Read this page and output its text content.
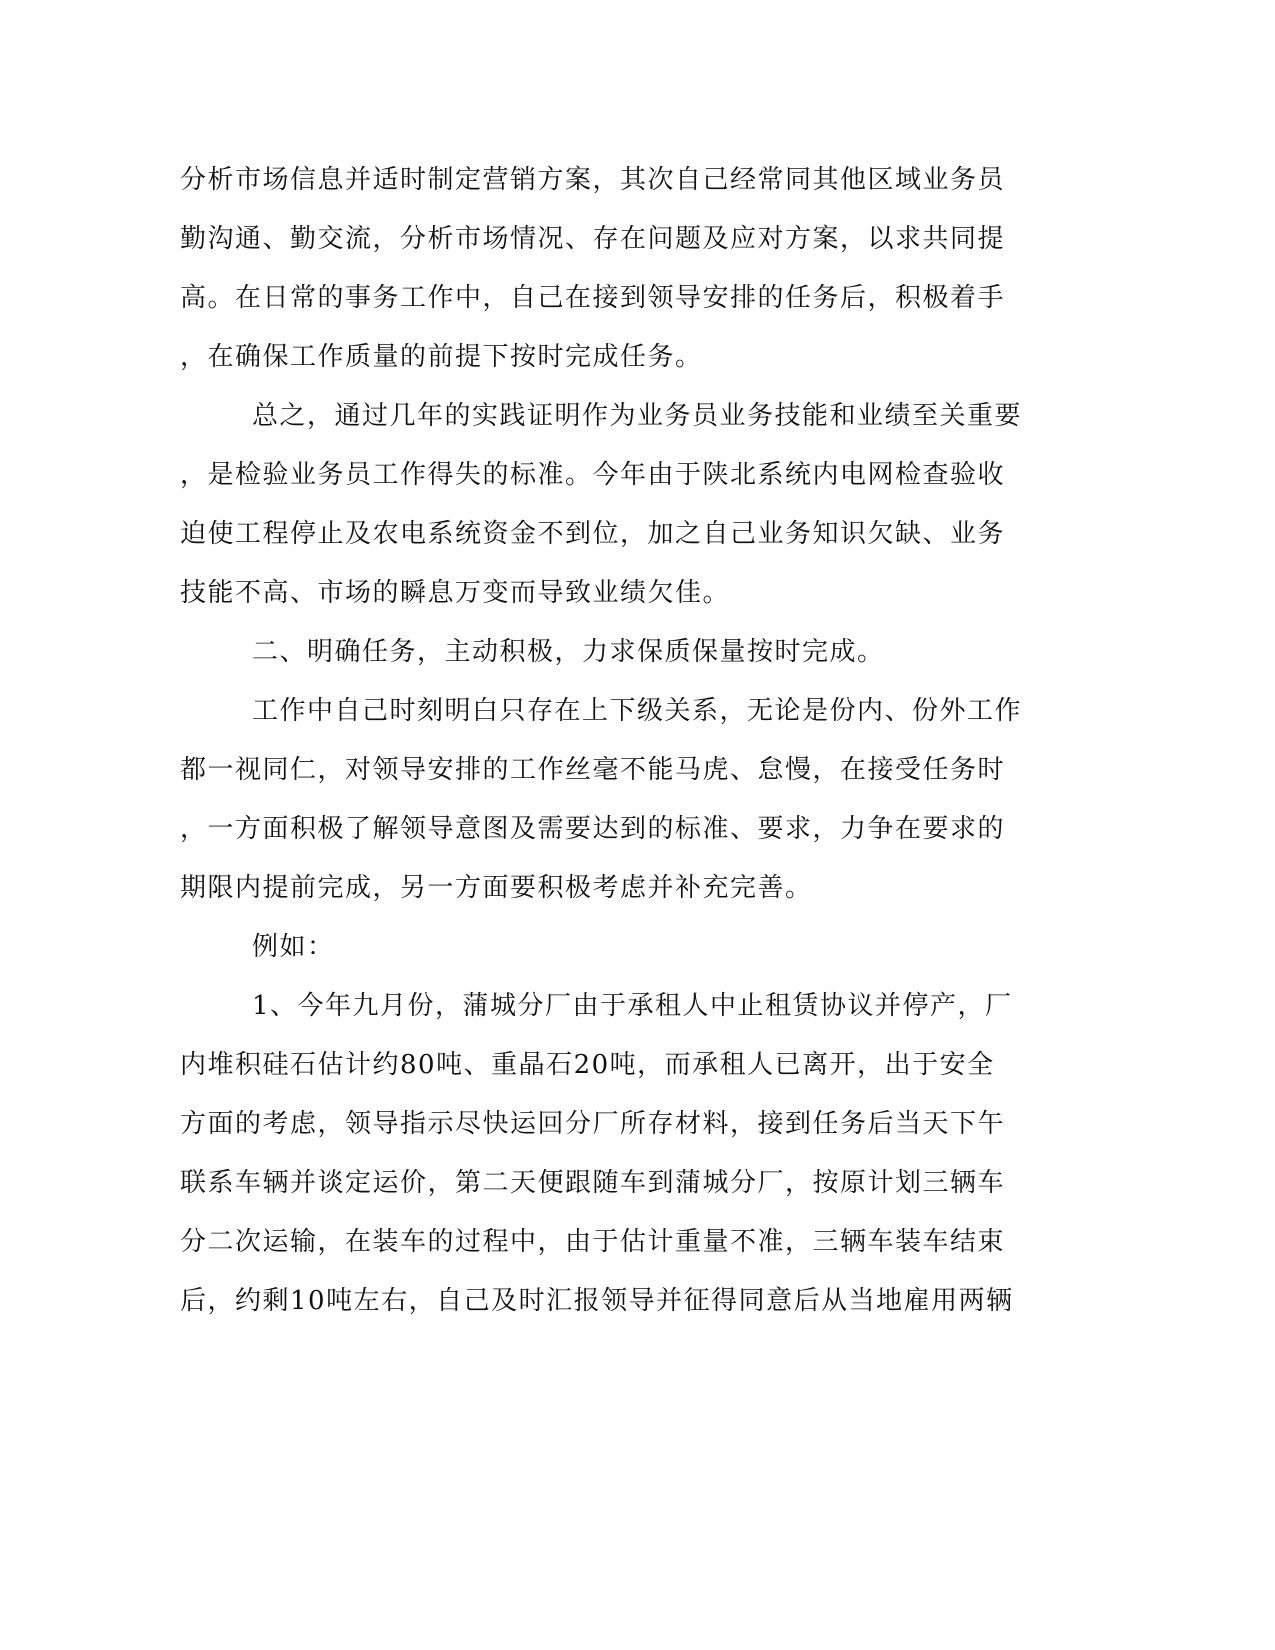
分析市场信息并适时制定营销方案，其次自己经常同其他区域业务员
勤沟通、勤交流，分析市场情况、存在问题及应对方案，以求共同提
高。在日常的事务工作中，自己在接到领导安排的任务后，积极着手
，在确保工作质量的前提下按时完成任务。
总之，通过几年的实践证明作为业务员业务技能和业绩至关重要
，是检验业务员工作得失的标准。今年由于陕北系统内电网检查验收
迫使工程停止及农电系统资金不到位，加之自己业务知识欠缺、业务
技能不高、市场的瞬息万变而导致业绩欠佳。
二、明确任务，主动积极，力求保质保量按时完成。
工作中自己时刻明白只存在上下级关系，无论是份内、份外工作
都一视同仁，对领导安排的工作丝毫不能马虎、怠慢，在接受任务时
，一方面积极了解领导意图及需要达到的标准、要求，力争在要求的
期限内提前完成，另一方面要积极考虑并补充完善。
例如：
1、今年九月份，蒲城分厂由于承租人中止租赁协议并停产，厂
内堆积硅石估计约80吨、重晶石20吨，而承租人已离开，出于安全
方面的考虑，领导指示尽快运回分厂所存材料，接到任务后当天下午
联系车辆并谈定运价，第二天便跟随车到蒲城分厂，按原计划三辆车
分二次运输，在装车的过程中，由于估计重量不准，三辆车装车结束
后，约剩10吨左右，自己及时汇报领导并征得同意后从当地雇用两辆
